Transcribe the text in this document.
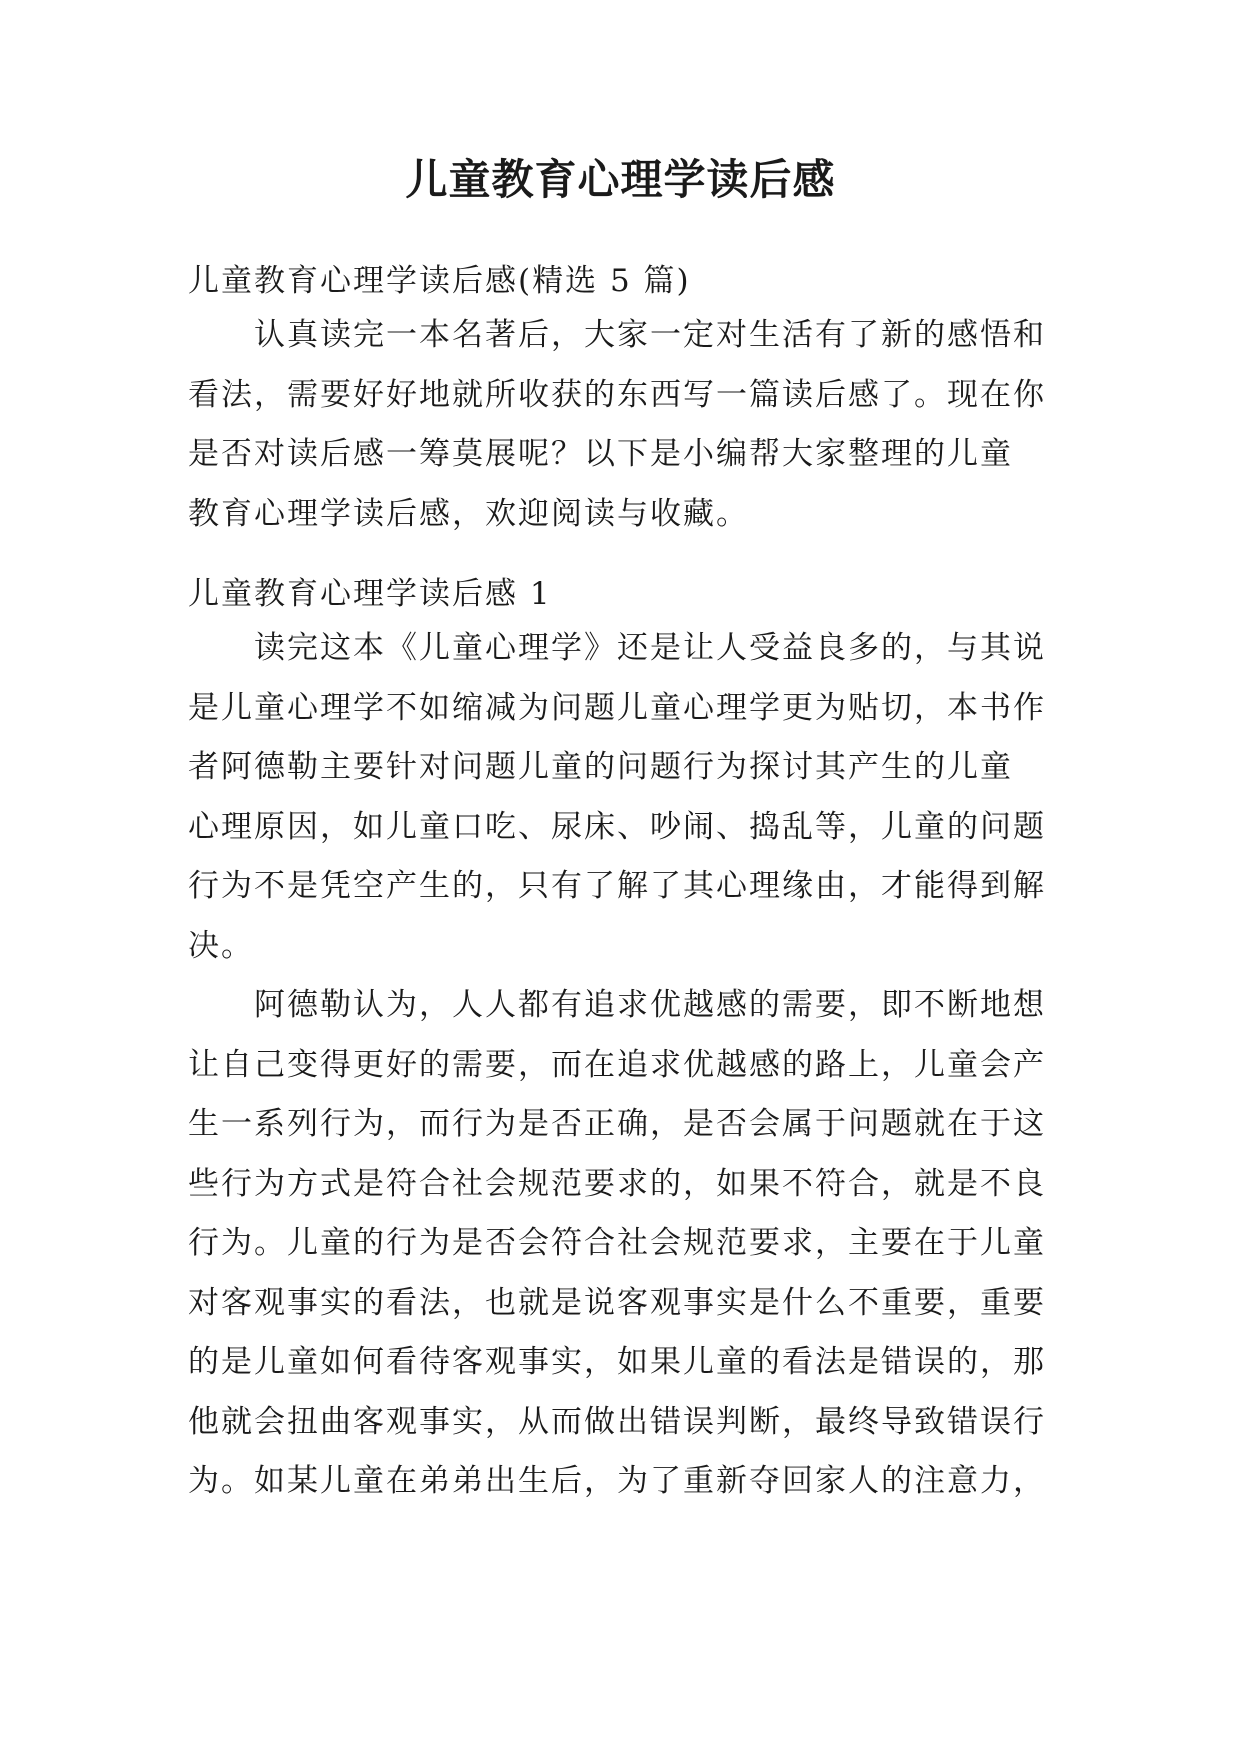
儿童教育心理学读后感
儿童教育心理学读后感(精选 5 篇)
认真读完一本名著后，大家一定对生活有了新的感悟和
看法，需要好好地就所收获的东西写一篇读后感了。现在你
是否对读后感一筹莫展呢？以下是小编帮大家整理的儿童
教育心理学读后感，欢迎阅读与收藏。
儿童教育心理学读后感 1
读完这本《儿童心理学》还是让人受益良多的，与其说
是儿童心理学不如缩减为问题儿童心理学更为贴切，本书作
者阿德勒主要针对问题儿童的问题行为探讨其产生的儿童
心理原因，如儿童口吃、尿床、吵闹、捣乱等，儿童的问题
行为不是凭空产生的，只有了解了其心理缘由，才能得到解
决。
阿德勒认为，人人都有追求优越感的需要，即不断地想
让自己变得更好的需要，而在追求优越感的路上，儿童会产
生一系列行为，而行为是否正确，是否会属于问题就在于这
些行为方式是符合社会规范要求的，如果不符合，就是不良
行为。儿童的行为是否会符合社会规范要求，主要在于儿童
对客观事实的看法，也就是说客观事实是什么不重要，重要
的是儿童如何看待客观事实，如果儿童的看法是错误的，那
他就会扭曲客观事实，从而做出错误判断，最终导致错误行
为。如某儿童在弟弟出生后，为了重新夺回家人的注意力，
